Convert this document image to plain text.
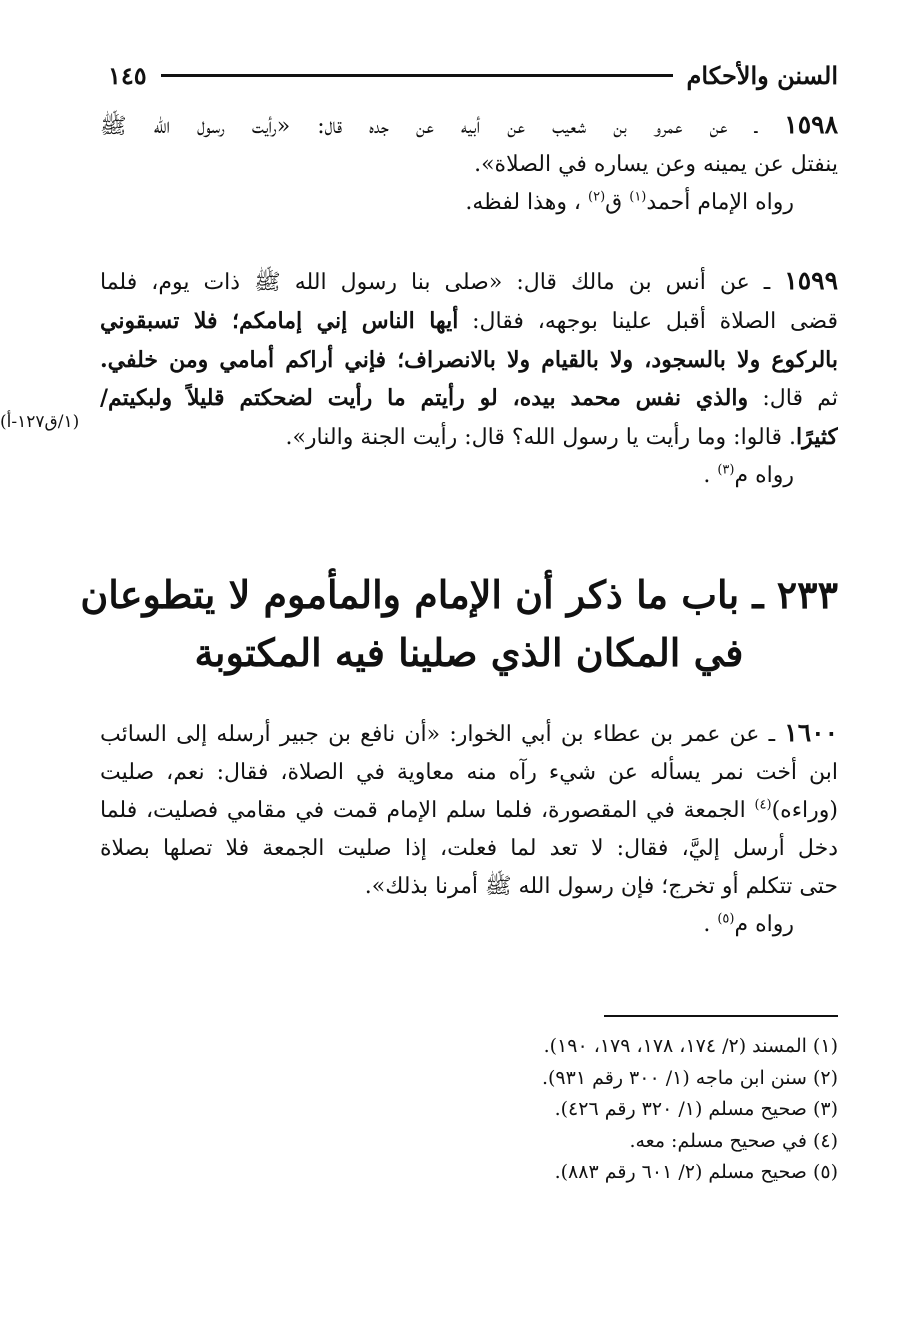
السنن والأحكام
١٤٥
١٥٩٨ ـ عن عمرو بن شعيب عن أبيه عن جده قال: «رأيت رسول الله ﷺ
ينفتل عن يمينه وعن يساره في الصلاة».
رواه الإمام أحمد$^{(١)}$ ق$^{(٢)}$ ، وهذا لفظه.
١٥٩٩ ـ عن أنس بن مالك قال: «صلى بنا رسول الله ﷺ ذات يوم، فلما
قضى الصلاة أقبل علينا بوجهه، فقال: أيها الناس إني إمامكم؛ فلا تسبقوني
بالركوع ولا بالسجود، ولا بالقيام ولا بالانصراف؛ فإني أراكم أمامي ومن خلفي.
ثم قال: والذي نفس محمد بيده، لو رأيتم ما رأيت لضحكتم قليلاً ولبكيتم/
كثيرًا. قالوا: وما رأيت يا رسول الله؟ قال: رأيت الجنة والنار».
رواه م$^{(٣)}$ .
(١/ق١٢٧-أ)
٢٣٣ ـ باب ما ذكر أن الإمام والمأموم لا يتطوعان
في المكان الذي صلينا فيه المكتوبة
١٦٠٠ ـ عن عمر بن عطاء بن أبي الخوار: «أن نافع بن جبير أرسله إلى السائب
ابن أخت نمر يسأله عن شيء رآه منه معاوية في الصلاة، فقال: نعم، صليت
(وراءه)$^{(٤)}$ الجمعة في المقصورة، فلما سلم الإمام قمت في مقامي فصليت، فلما
دخل أرسل إليَّ، فقال: لا تعد لما فعلت، إذا صليت الجمعة فلا تصلها بصلاة
حتى تتكلم أو تخرج؛ فإن رسول الله ﷺ أمرنا بذلك».
رواه م$^{(٥)}$ .
(١) المسند (٢/ ١٧٤، ١٧٨، ١٧٩، ١٩٠).
(٢) سنن ابن ماجه (١/ ٣٠٠ رقم ٩٣١).
(٣) صحيح مسلم (١/ ٣٢٠ رقم ٤٢٦).
(٤) في صحيح مسلم: معه.
(٥) صحيح مسلم (٢/ ٦٠١ رقم ٨٨٣).
